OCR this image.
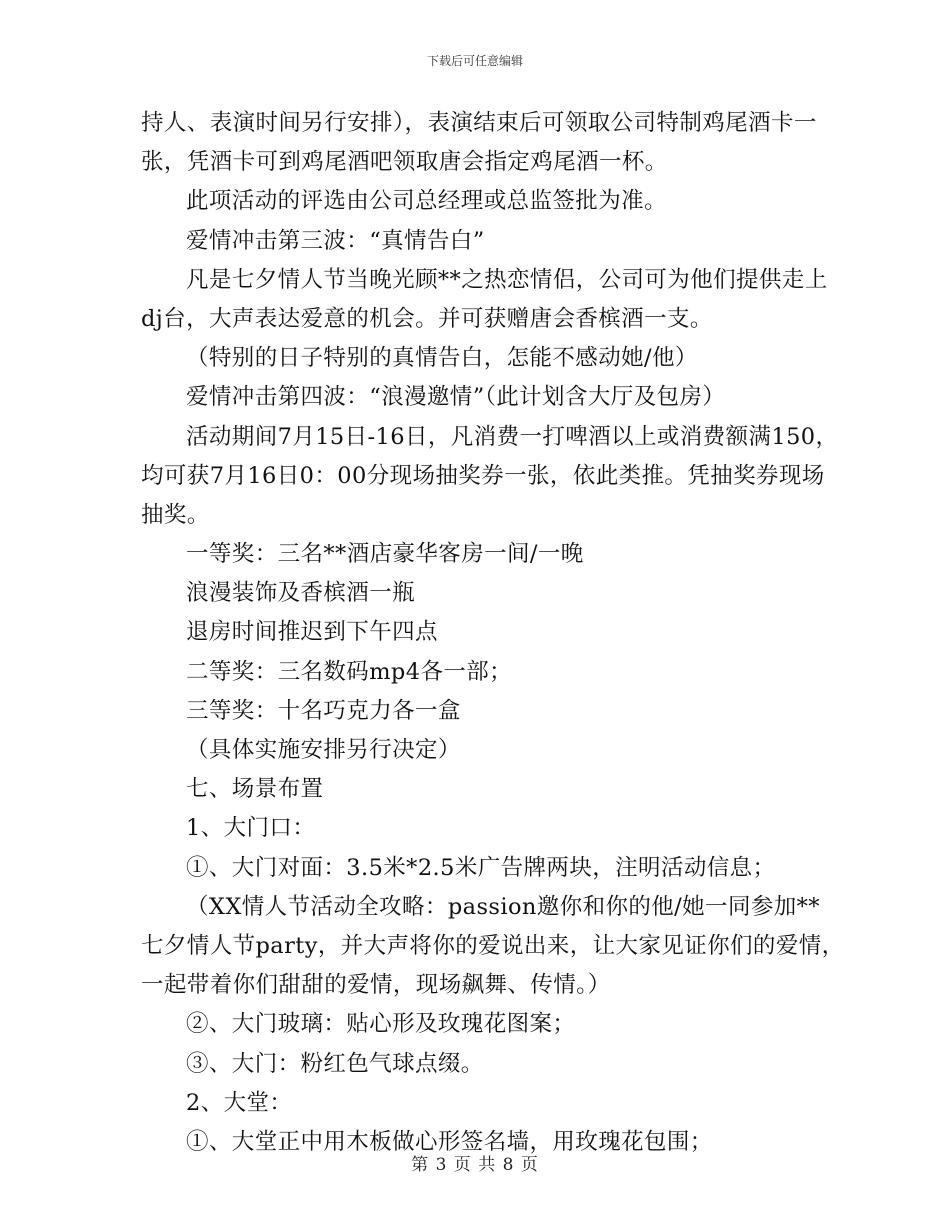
下载后可任意编辑
持人、表演时间另行安排），表演结束后可领取公司特制鸡尾酒卡一
张，凭酒卡可到鸡尾酒吧领取唐会指定鸡尾酒一杯。
此项活动的评选由公司总经理或总监签批为准。
爱情冲击第三波：“真情告白”
凡是七夕情人节当晚光顾**之热恋情侣，公司可为他们提供走上
dj台，大声表达爱意的机会。并可获赠唐会香槟酒一支。
（特别的日子特别的真情告白，怎能不感动她/他）
爱情冲击第四波：“浪漫邀情”（此计划含大厅及包房）
活动期间7月15日-16日，凡消费一打啤酒以上或消费额满150，
均可获7月16日0：00分现场抽奖券一张，依此类推。凭抽奖券现场
抽奖。
一等奖：三名**酒店豪华客房一间/一晚
浪漫装饰及香槟酒一瓶
退房时间推迟到下午四点
二等奖：三名数码mp4各一部；
三等奖：十名巧克力各一盒
（具体实施安排另行决定）
七、场景布置
1、大门口：
①、大门对面：3.5米*2.5米广告牌两块，注明活动信息；
（XX情人节活动全攻略：passion邀你和你的他/她一同参加**
七夕情人节party，并大声将你的爱说出来，让大家见证你们的爱情，
一起带着你们甜甜的爱情，现场飙舞、传情。）
②、大门玻璃：贴心形及玫瑰花图案；
③、大门：粉红色气球点缀。
2、大堂：
①、大堂正中用木板做心形签名墙，用玫瑰花包围；
第 3 页 共 8 页
